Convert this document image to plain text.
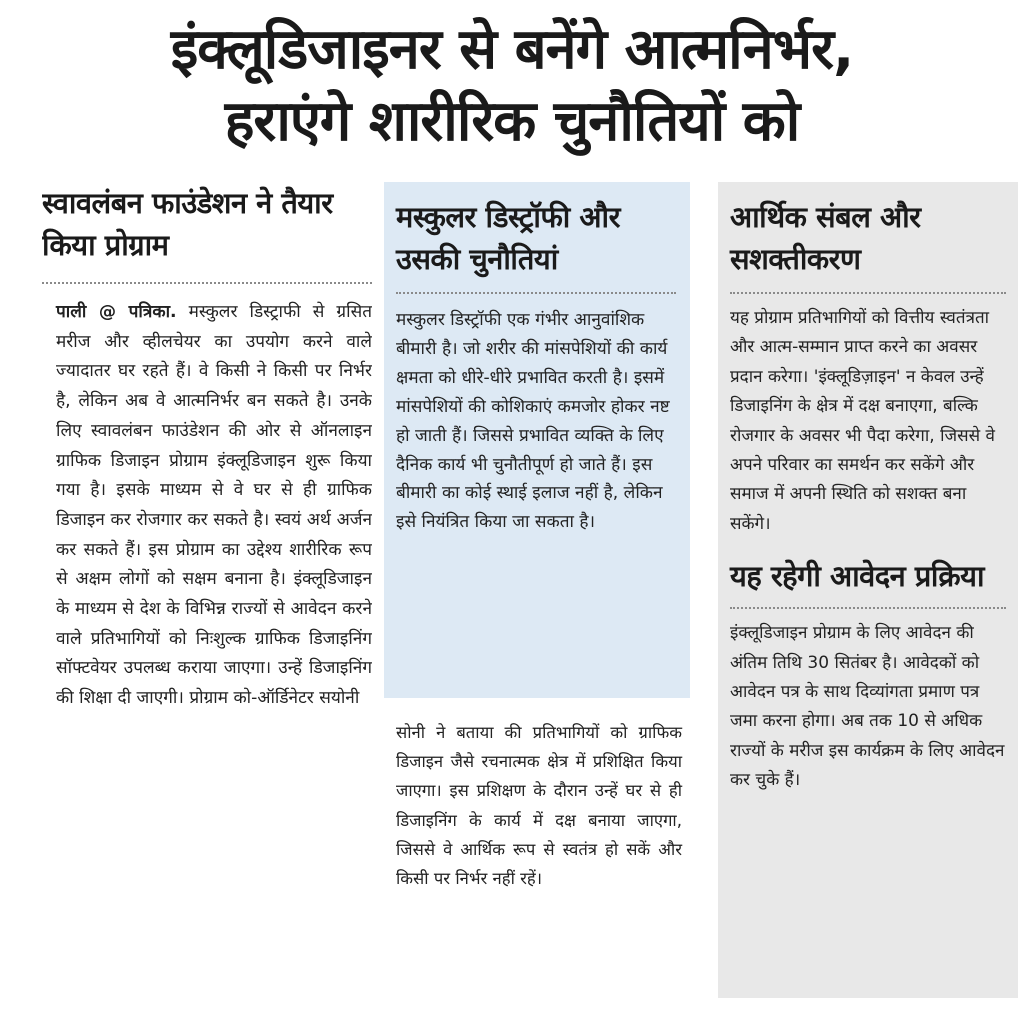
इंक्लूडिजाइनर से बनेंगे आत्मनिर्भर,
हराएंगे शारीरिक चुनौतियों को
स्वावलंबन फाउंडेशन ने तैयार किया प्रोग्राम

पाली @ पत्रिका. मस्कुलर डिस्ट्राफी से ग्रसित मरीज और व्हीलचेयर का उपयोग करने वाले ज्यादातर घर रहते हैं। वे किसी ने किसी पर निर्भर है, लेकिन अब वे आत्मनिर्भर बन सकते है। उनके लिए स्वावलंबन फाउंडेशन की ओर से ऑनलाइन ग्राफिक डिजाइन प्रोग्राम इंक्लूडिजाइन शुरू किया गया है। इसके माध्यम से वे घर से ही ग्राफिक डिजाइन कर रोजगार कर सकते है। स्वयं अर्थ अर्जन कर सकते हैं। इस प्रोग्राम का उद्देश्य शारीरिक रूप से अक्षम लोगों को सक्षम बनाना है। इंक्लूडिजाइन के माध्यम से देश के विभिन्न राज्यों से आवेदन करने वाले प्रतिभागियों को निःशुल्क ग्राफिक डिजाइनिंग सॉफ्टवेयर उपलब्ध कराया जाएगा। उन्हें डिजाइनिंग की शिक्षा दी जाएगी। प्रोग्राम को-ऑर्डिनेटर सयोनी

मस्कुलर डिस्ट्रॉफी और उसकी चुनौतियां

मस्कुलर डिस्ट्रॉफी एक गंभीर आनुवांशिक बीमारी है। जो शरीर की मांसपेशियों की कार्य क्षमता को धीरे-धीरे प्रभावित करती है। इसमें मांसपेशियों की कोशिकाएं कमजोर होकर नष्ट हो जाती हैं। जिससे प्रभावित व्यक्ति के लिए दैनिक कार्य भी चुनौतीपूर्ण हो जाते हैं। इस बीमारी का कोई स्थाई इलाज नहीं है, लेकिन इसे नियंत्रित किया जा सकता है।

सोनी ने बताया की प्रतिभागियों को ग्राफिक डिजाइन जैसे रचनात्मक क्षेत्र में प्रशिक्षित किया जाएगा। इस प्रशिक्षण के दौरान उन्हें घर से ही डिजाइनिंग के कार्य में दक्ष बनाया जाएगा, जिससे वे आर्थिक रूप से स्वतंत्र हो सकें और किसी पर निर्भर नहीं रहें।

आर्थिक संबल और सशक्तीकरण

यह प्रोग्राम प्रतिभागियों को वित्तीय स्वतंत्रता और आत्म-सम्मान प्राप्त करने का अवसर प्रदान करेगा। 'इंक्लूडिज़ाइन' न केवल उन्हें डिजाइनिंग के क्षेत्र में दक्ष बनाएगा, बल्कि रोजगार के अवसर भी पैदा करेगा, जिससे वे अपने परिवार का समर्थन कर सकेंगे और समाज में अपनी स्थिति को सशक्त बना सकेंगे।

यह रहेगी आवेदन प्रक्रिया

इंक्लूडिजाइन प्रोग्राम के लिए आवेदन की अंतिम तिथि 30 सितंबर है। आवेदकों को आवेदन पत्र के साथ दिव्यांगता प्रमाण पत्र जमा करना होगा। अब तक 10 से अधिक राज्यों के मरीज इस कार्यक्रम के लिए आवेदन कर चुके हैं।
